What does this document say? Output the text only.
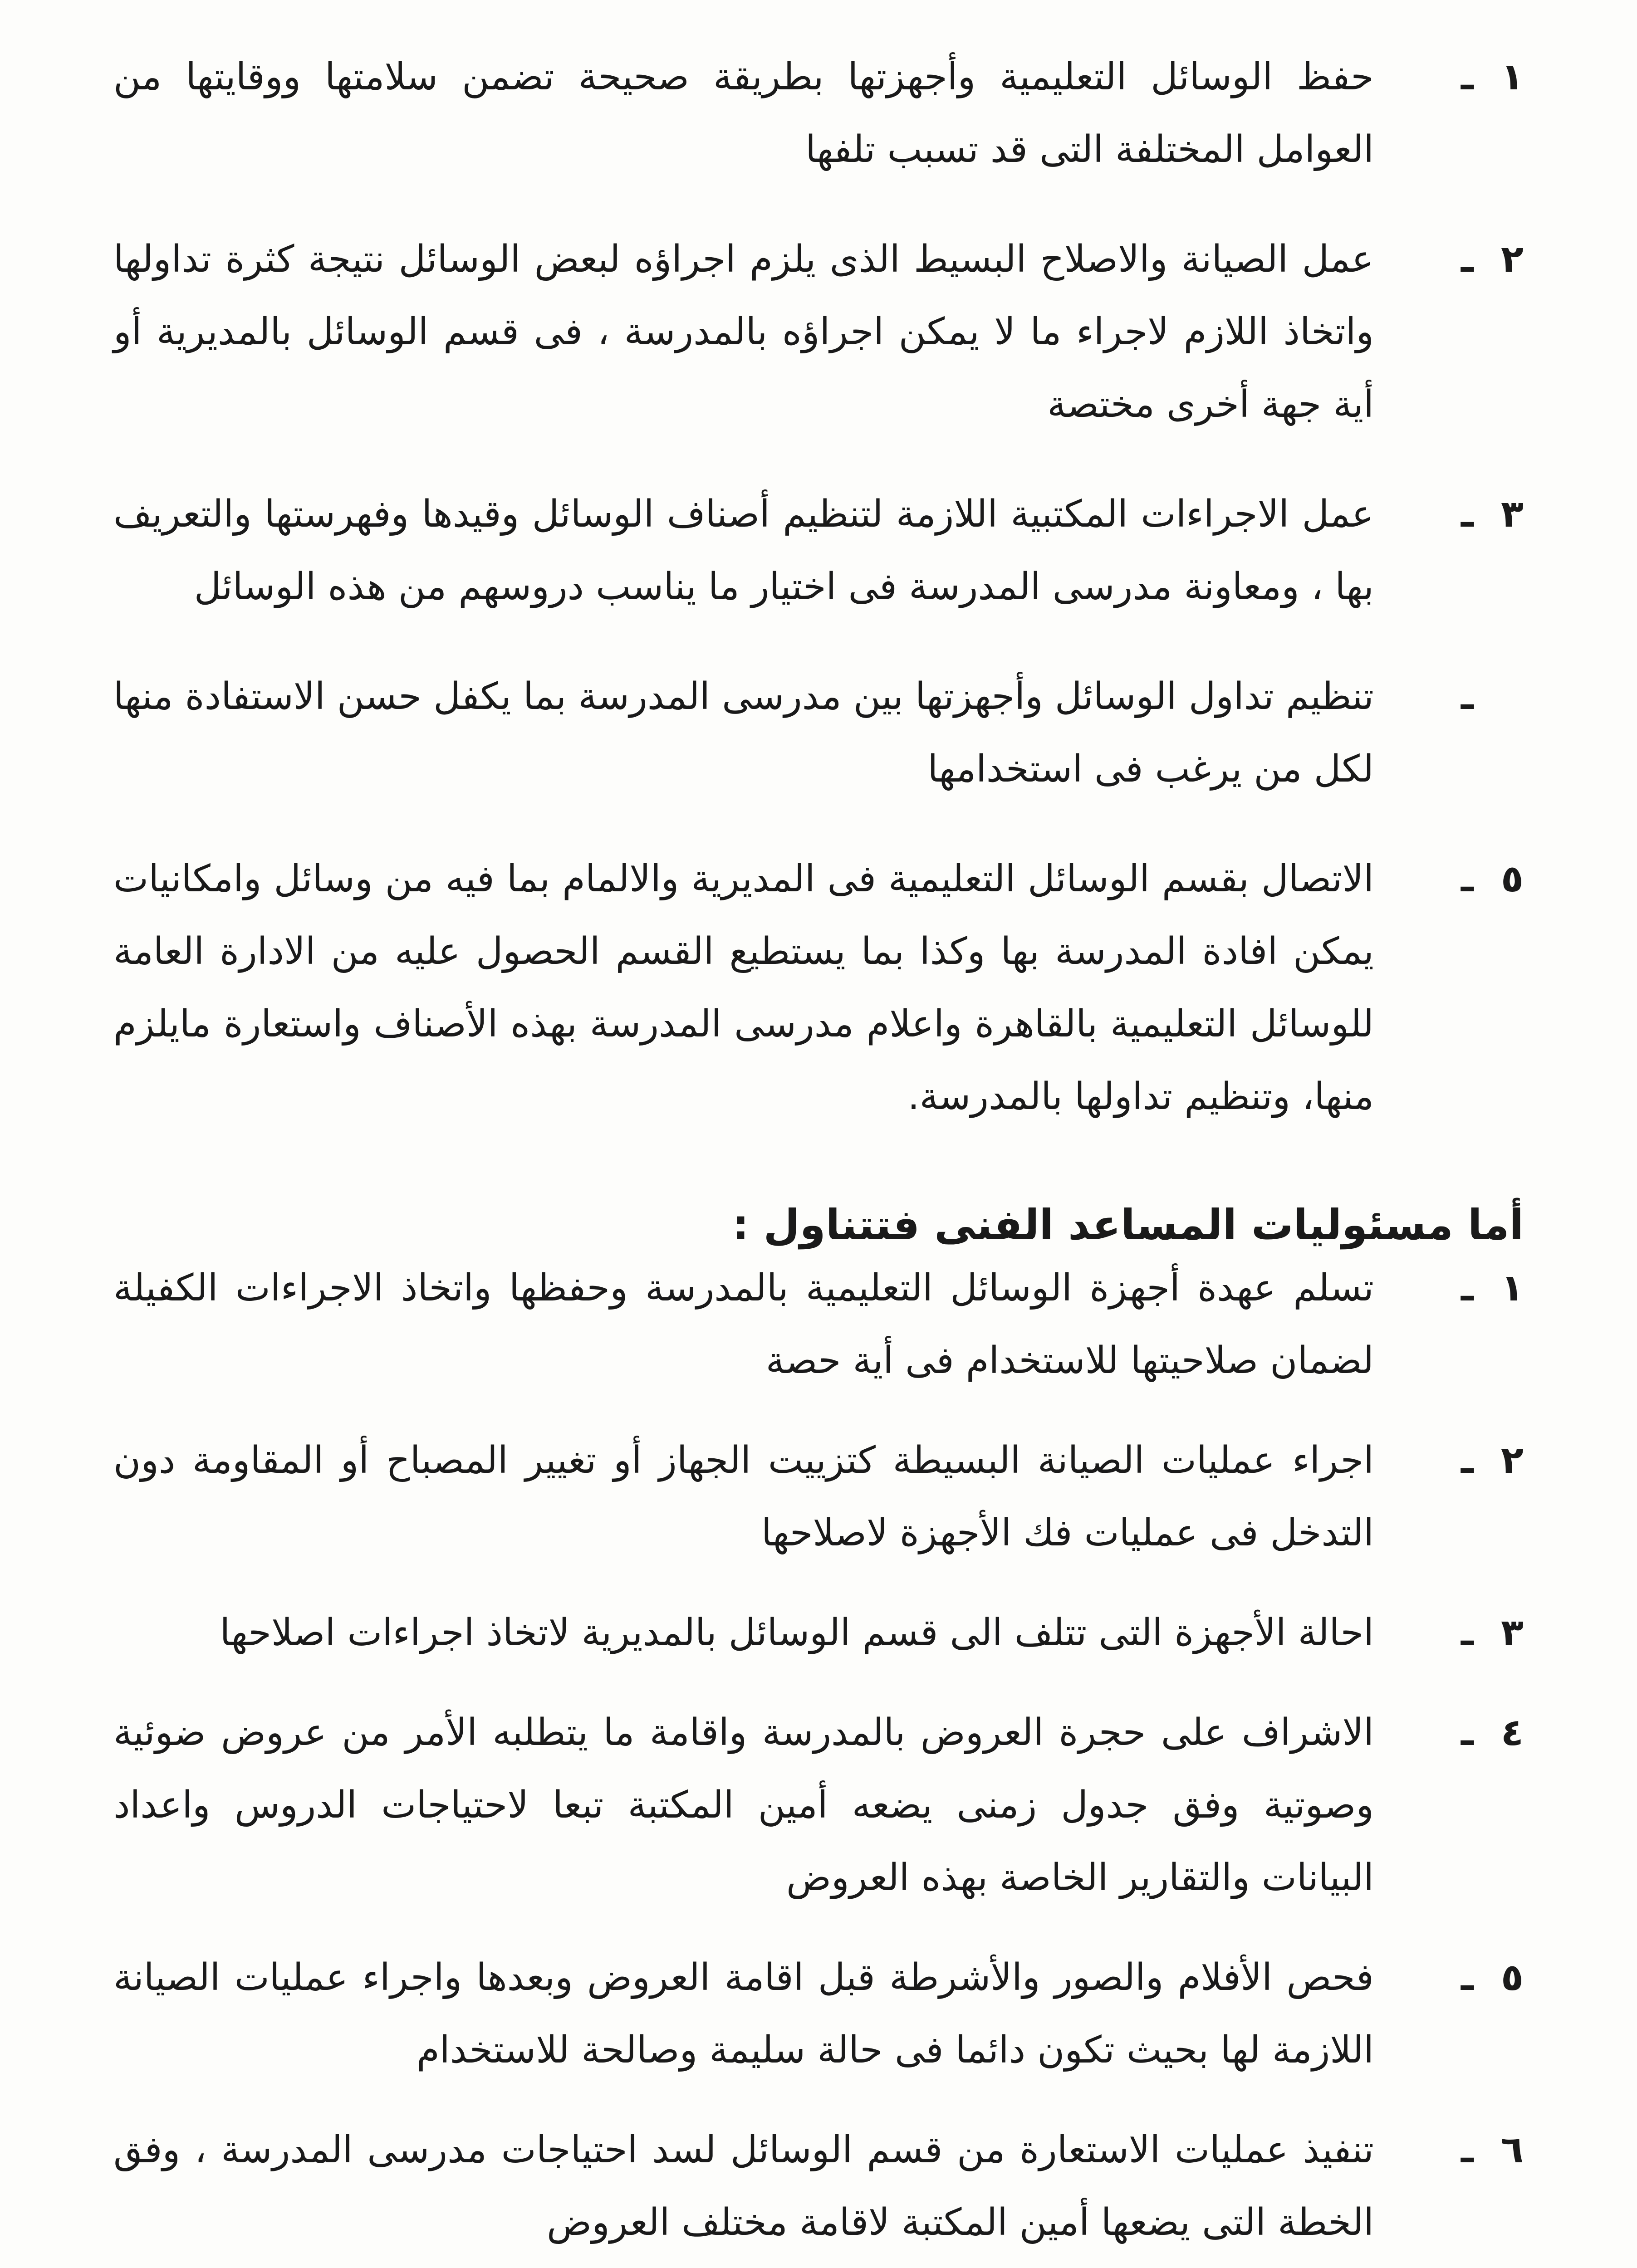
١
ـ
حفظ الوسائل التعليمية وأجهزتها بطريقة صحيحة تضمن سلامتها ووقايتها من العوامل المختلفة التى قد تسبب تلفها
٢
ـ
عمل الصيانة والاصلاح البسيط الذى يلزم اجراؤه لبعض الوسائل نتيجة كثرة تداولها واتخاذ اللازم لاجراء ما لا يمكن اجراؤه بالمدرسة ، فى قسم الوسائل بالمديرية أو أية جهة أخرى مختصة
٣
ـ
عمل الاجراءات المكتبية اللازمة لتنظيم أصناف الوسائل وقيدها وفهرستها والتعريف بها ، ومعاونة مدرسى المدرسة فى اختيار ما يناسب دروسهم من هذه الوسائل
ـ
تنظيم تداول الوسائل وأجهزتها بين مدرسى المدرسة بما يكفل حسن الاستفادة منها لكل من يرغب فى استخدامها
٥
ـ
الاتصال بقسم الوسائل التعليمية فى المديرية والالمام بما فيه من وسائل وامكانيات يمكن افادة المدرسة بها وكذا بما يستطيع القسم الحصول عليه من الادارة العامة للوسائل التعليمية بالقاهرة واعلام مدرسى المدرسة بهذه الأصناف واستعارة مايلزم منها، وتنظيم تداولها بالمدرسة.
أما مسئوليات المساعد الفنى فتتناول :
١
ـ
تسلم عهدة أجهزة الوسائل التعليمية بالمدرسة وحفظها واتخاذ الاجراءات الكفيلة لضمان صلاحيتها للاستخدام فى أية حصة
٢
ـ
اجراء عمليات الصيانة البسيطة كتزييت الجهاز أو تغيير المصباح أو المقاومة دون التدخل فى عمليات فك الأجهزة لاصلاحها
٣
ـ
احالة الأجهزة التى تتلف الى قسم الوسائل بالمديرية لاتخاذ اجراءات اصلاحها
٤
ـ
الاشراف على حجرة العروض بالمدرسة واقامة ما يتطلبه الأمر من عروض ضوئية وصوتية وفق جدول زمنى يضعه أمين المكتبة تبعا لاحتياجات الدروس واعداد البيانات والتقارير الخاصة بهذه العروض
٥
ـ
فحص الأفلام والصور والأشرطة قبل اقامة العروض وبعدها واجراء عمليات الصيانة اللازمة لها بحيث تكون دائما فى حالة سليمة وصالحة للاستخدام
٦
ـ
تنفيذ عمليات الاستعارة من قسم الوسائل لسد احتياجات مدرسى المدرسة ، وفق الخطة التى يضعها أمين المكتبة لاقامة مختلف العروض
